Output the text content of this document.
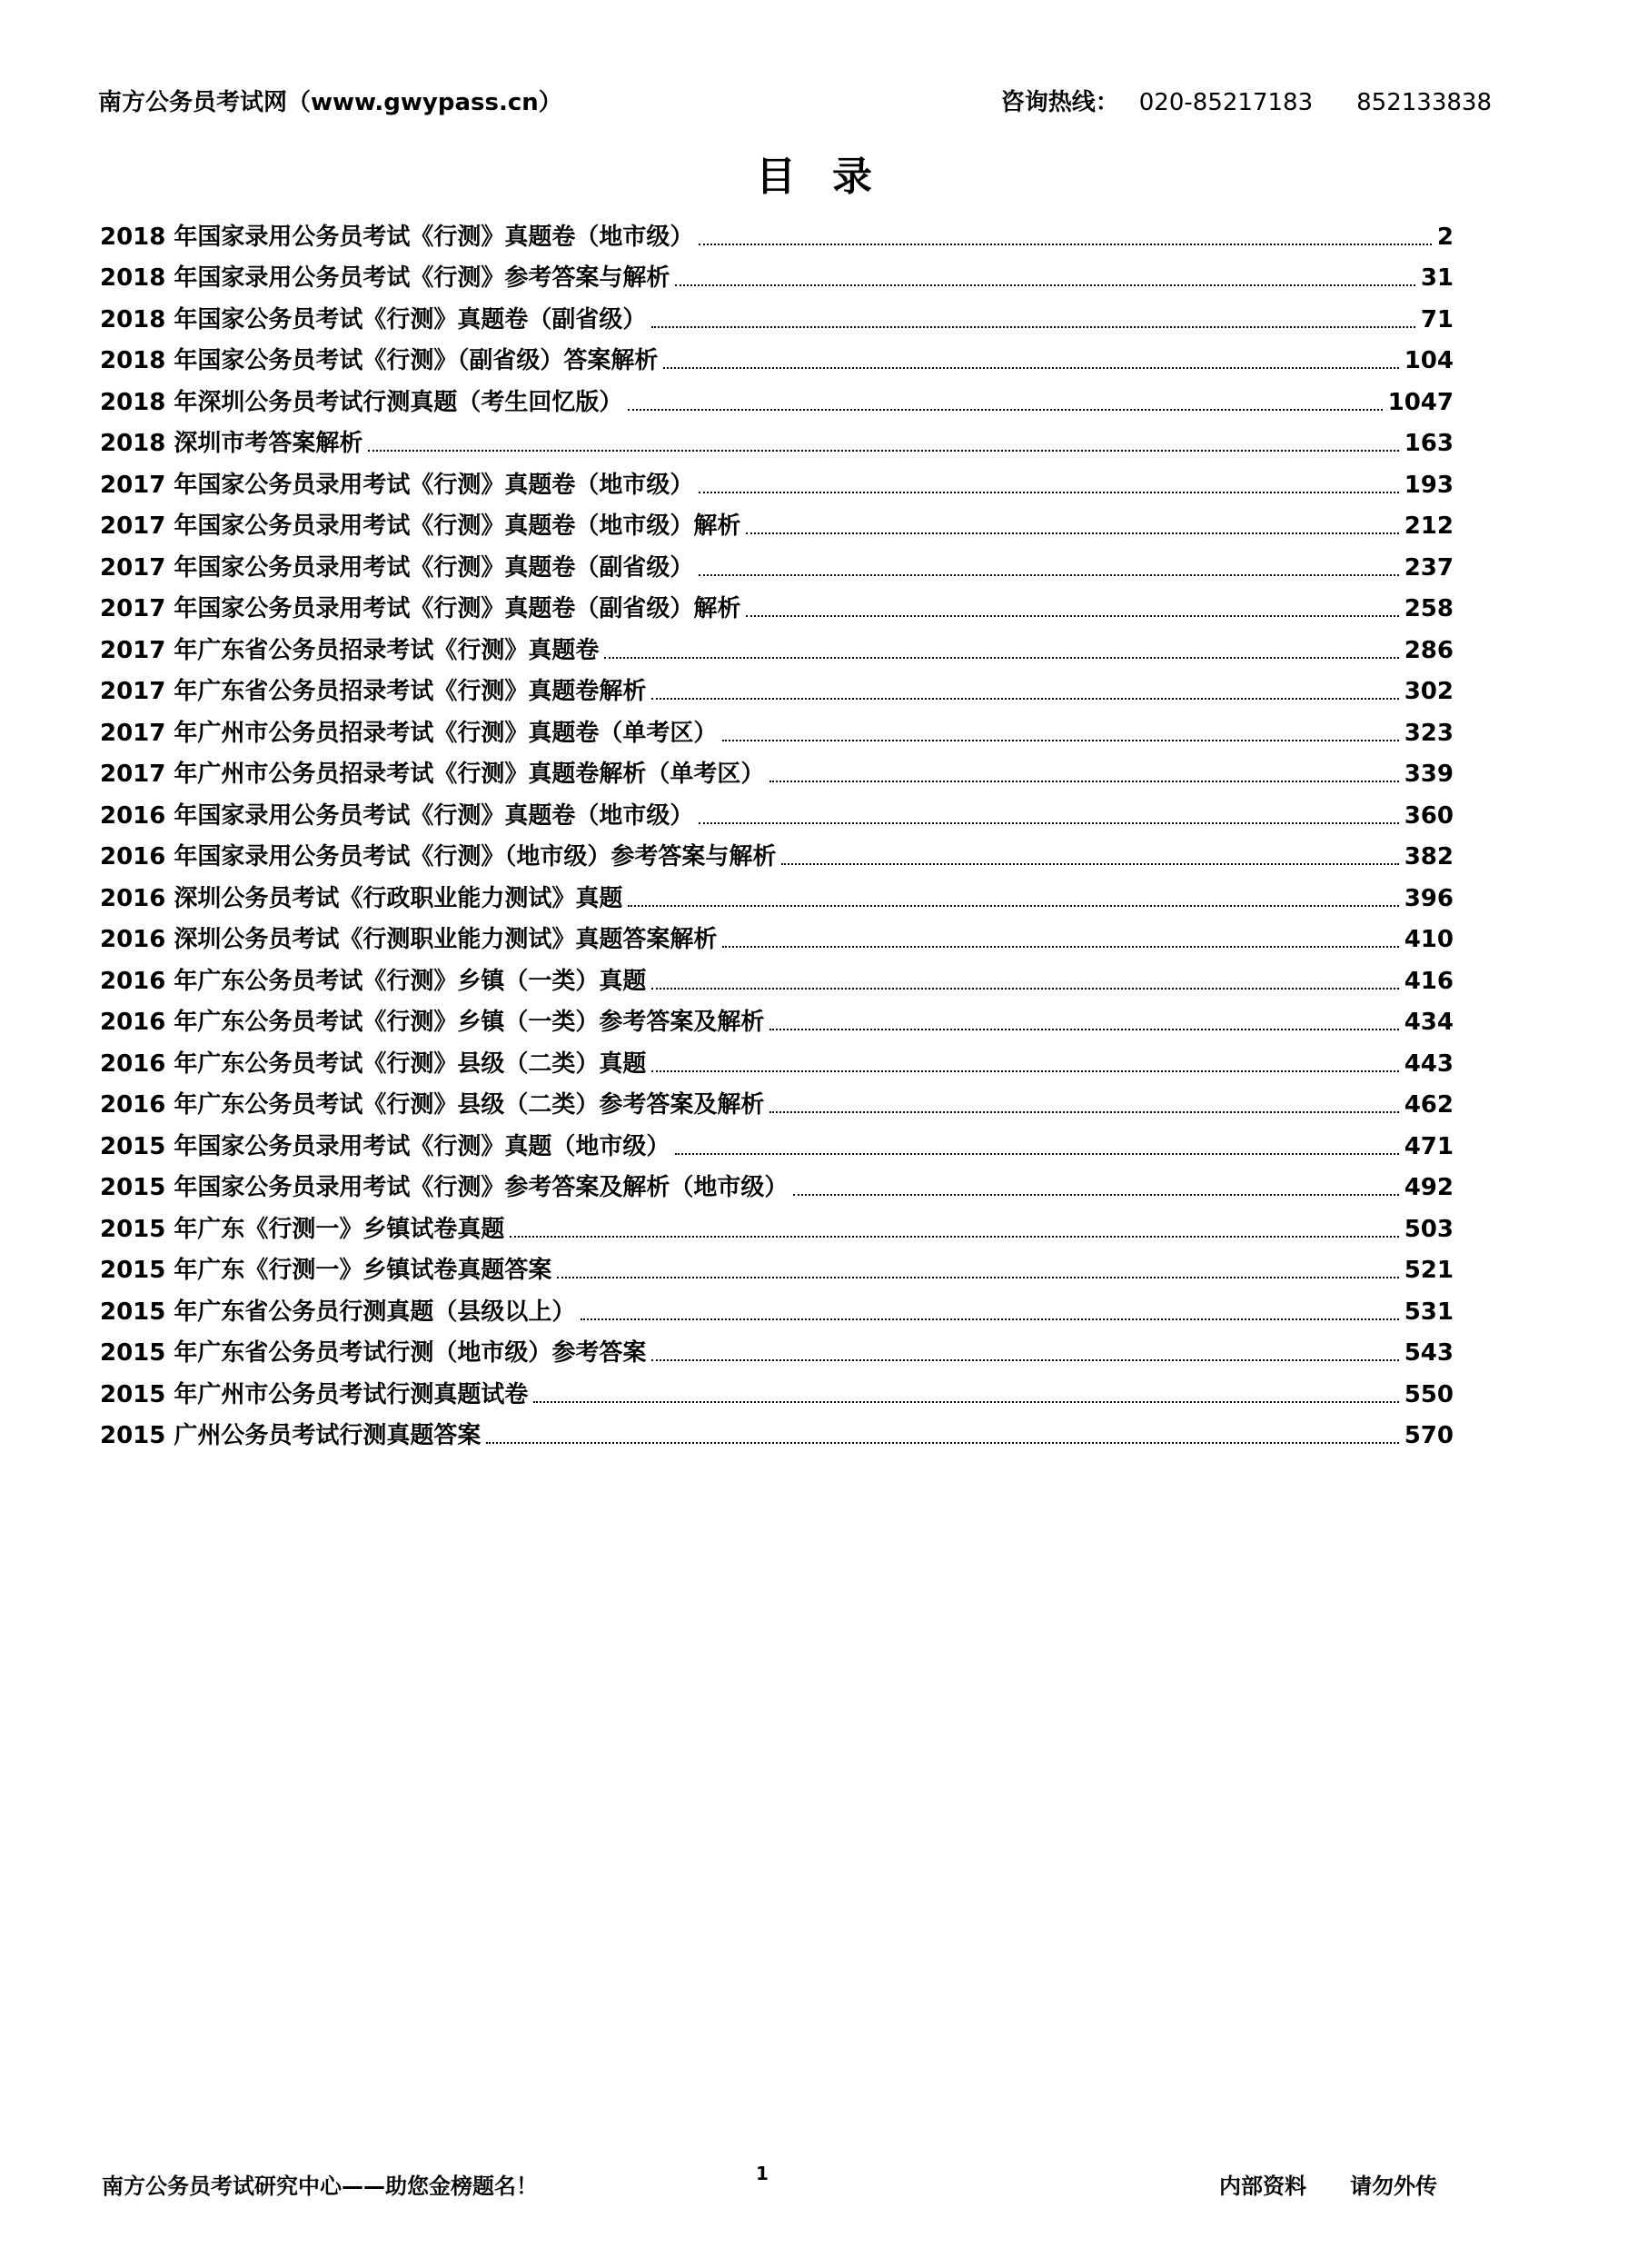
南方公务员考试网（www.gwypass.cn）	咨询热线： 020-85217183 852133838
目录
2018 年国家录用公务员考试《行测》真题卷（地市级）	2
2018 年国家录用公务员考试《行测》参考答案与解析	31
2018 年国家公务员考试《行测》真题卷（副省级）	71
2018 年国家公务员考试《行测》（副省级）答案解析	104
2018 年深圳公务员考试行测真题（考生回忆版）	1047
2018 深圳市考答案解析	163
2017 年国家公务员录用考试《行测》真题卷（地市级）	193
2017 年国家公务员录用考试《行测》真题卷（地市级）解析	212
2017 年国家公务员录用考试《行测》真题卷（副省级）	237
2017 年国家公务员录用考试《行测》真题卷（副省级）解析	258
2017 年广东省公务员招录考试《行测》真题卷	286
2017 年广东省公务员招录考试《行测》真题卷解析	302
2017 年广州市公务员招录考试《行测》真题卷（单考区）	323
2017 年广州市公务员招录考试《行测》真题卷解析（单考区）	339
2016 年国家录用公务员考试《行测》真题卷（地市级）	360
2016 年国家录用公务员考试《行测》（地市级）参考答案与解析	382
2016 深圳公务员考试《行政职业能力测试》真题	396
2016 深圳公务员考试《行测职业能力测试》真题答案解析	410
2016 年广东公务员考试《行测》乡镇（一类）真题	416
2016 年广东公务员考试《行测》乡镇（一类）参考答案及解析	434
2016 年广东公务员考试《行测》县级（二类）真题	443
2016 年广东公务员考试《行测》县级（二类）参考答案及解析	462
2015 年国家公务员录用考试《行测》真题（地市级）	471
2015 年国家公务员录用考试《行测》参考答案及解析（地市级）	492
2015 年广东《行测一》乡镇试卷真题	503
2015 年广东《行测一》乡镇试卷真题答案	521
2015 年广东省公务员行测真题（县级以上）	531
2015 年广东省公务员考试行测（地市级）参考答案	543
2015 年广州市公务员考试行测真题试卷	550
2015 广州公务员考试行测真题答案	570
南方公务员考试研究中心——助您金榜题名！	1	内部资料 请勿外传
